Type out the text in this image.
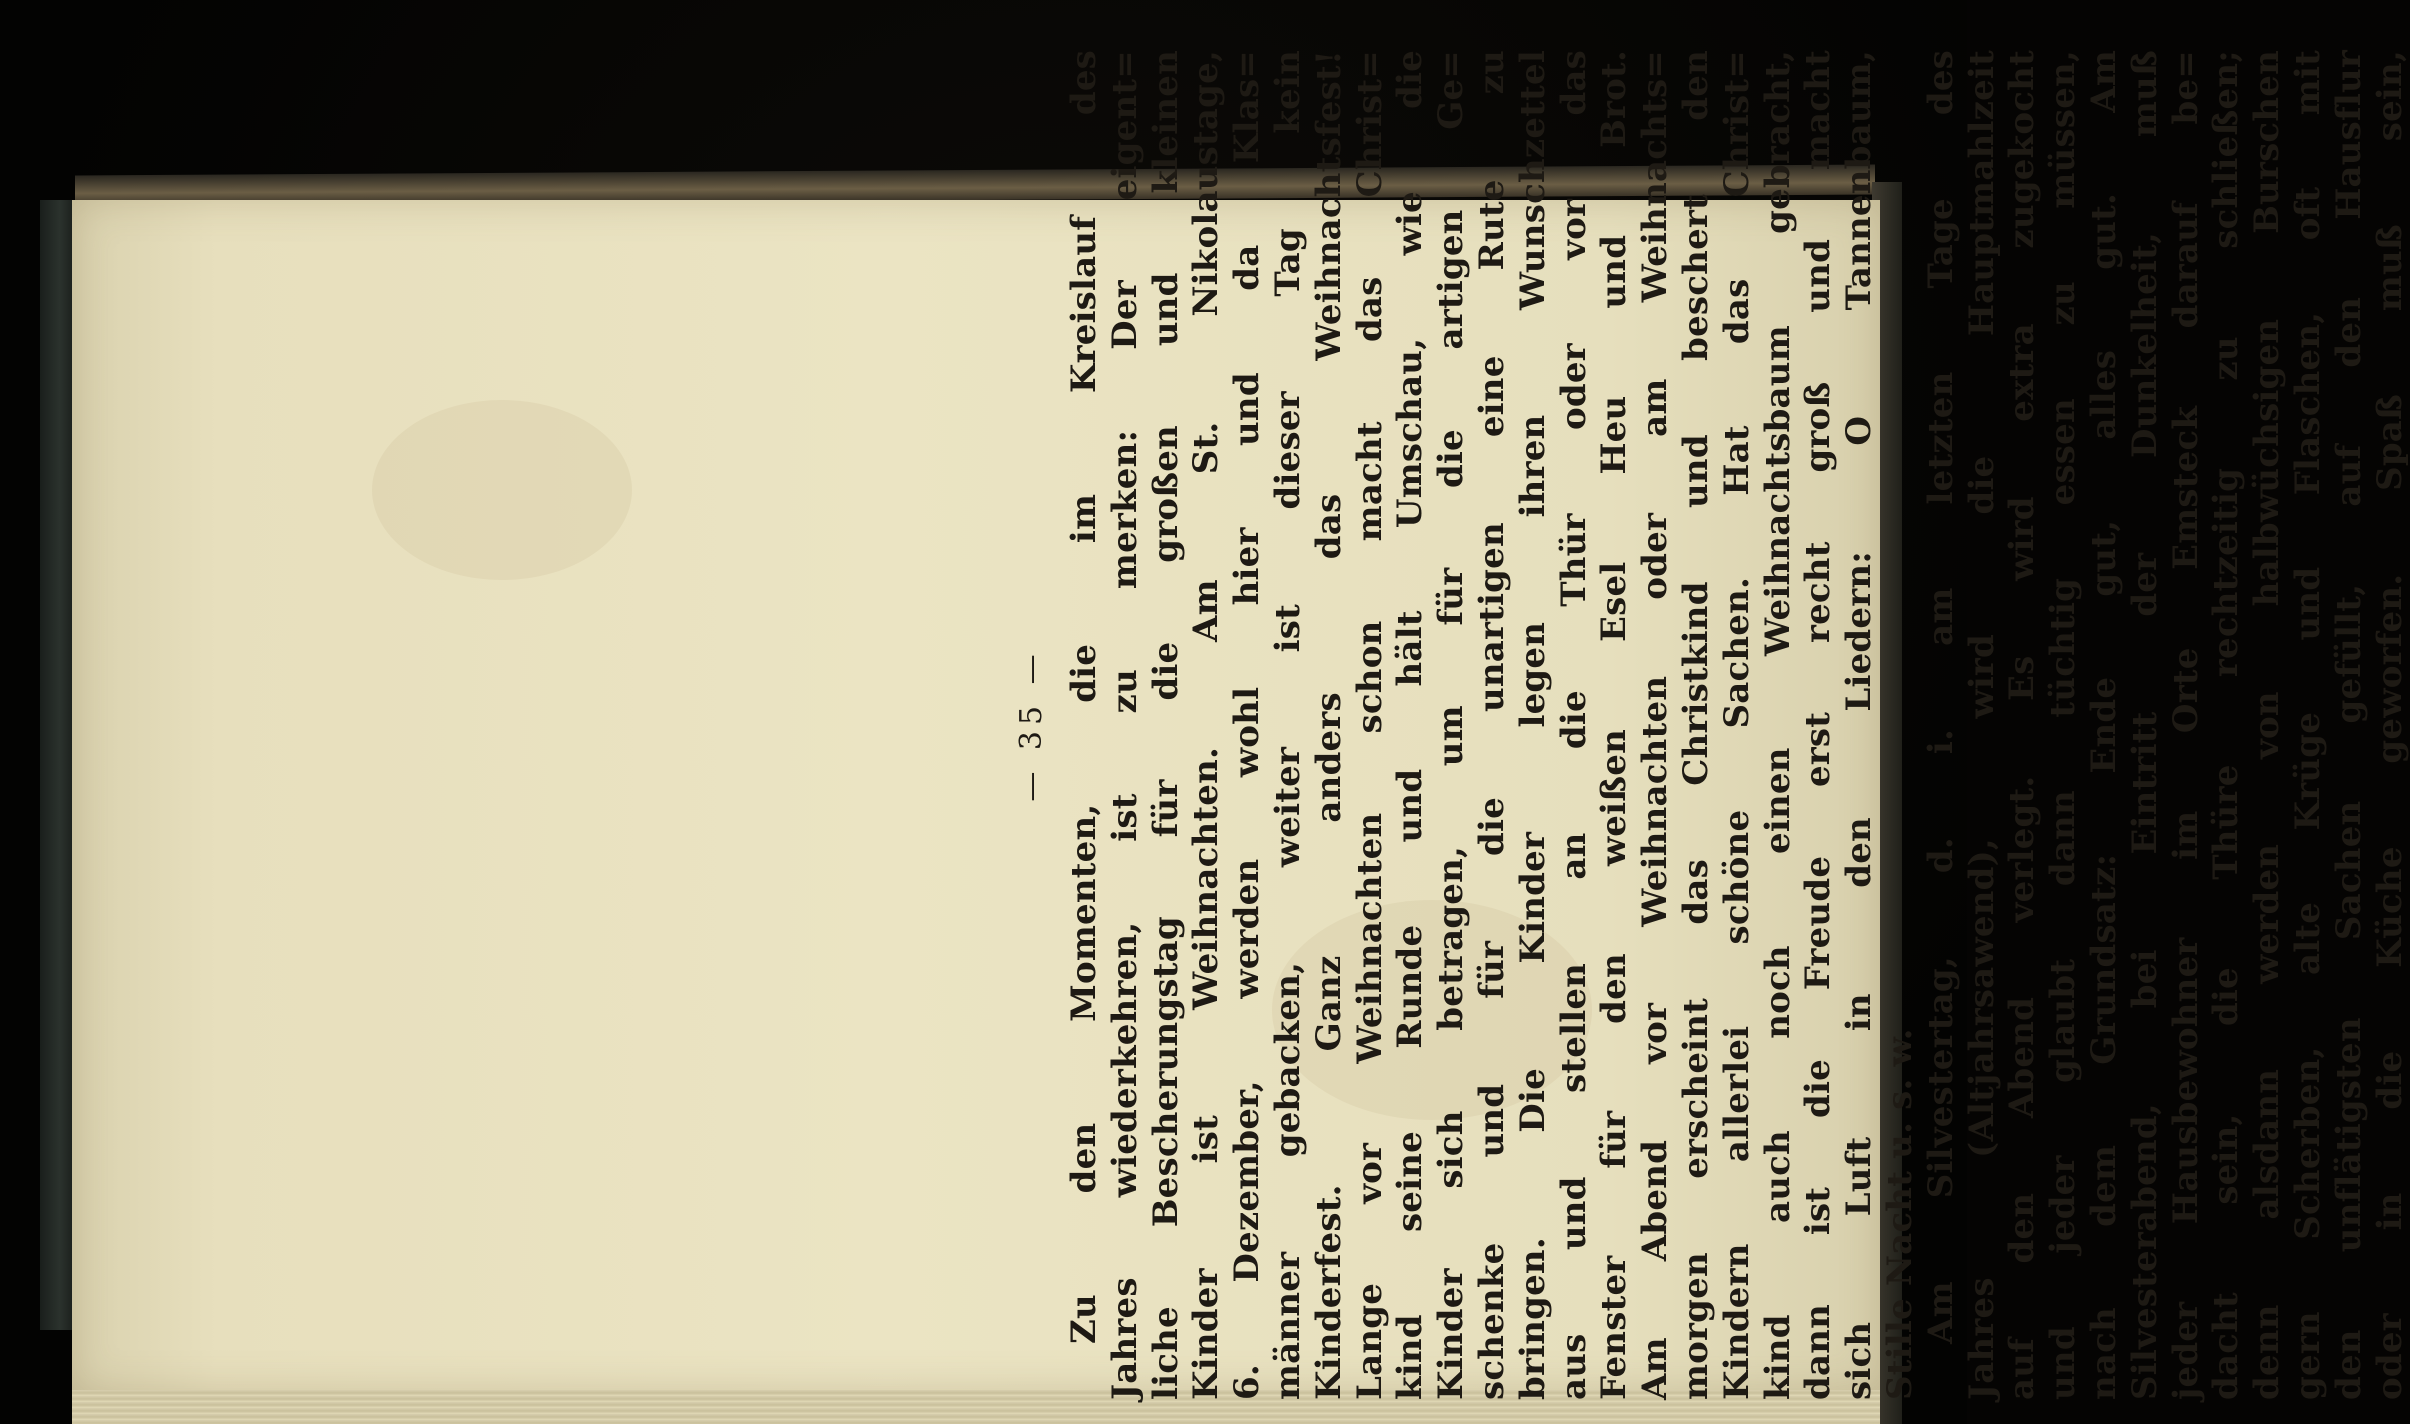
— 35 — Zu den Momenten, die im Kreislauf des Jahres wiederkehren, ist zu merken: Der eigent= liche Bescherungstag für die großen und kleinen Kinder ist Weihnachten. Am St. Nikolaustage, 6. Dezember, werden wohl hier und da Klas= männer gebacken, weiter ist dieser Tag kein Kinderfest. Ganz anders das Weihnachtsfest! Lange vor Weihnachten schon macht das Christ= kind seine Runde und hält Umschau, wie die Kinder sich betragen, um für die artigen Ge= schenke und für die unartigen eine Rute zu bringen. Die Kinder legen ihren Wunschzettel aus und stellen an die Thür oder vor das Fenster für den weißen Esel Heu und Brot. Am Abend vor Weihnachten oder am Weihnachts= morgen erscheint das Christkind und beschert den Kindern allerlei schöne Sachen. Hat das Christ= kind auch noch einen Weihnachtsbaum gebracht, dann ist die Freude erst recht groß und macht sich Luft in den Liedern: O Tannenbaum, Stille Nacht u. s. w. Am Silvestertag, d. i. am letzten Tage des Jahres (Altjahrsawend), wird die Hauptmahlzeit auf den Abend verlegt. Es wird extra zugekocht und jeder glaubt dann tüchtig essen zu müssen, nach dem Grundsatz: Ende gut, alles gut. Am Silvesterabend, bei Eintritt der Dunkelheit, muß jeder Hausbewohner im Orte Emsteck darauf be= dacht sein, die Thüre rechtzeitig zu schließen; denn alsdann werden von halbwüchsigen Burschen gern Scherben, alte Krüge und Flaschen, oft mit den unflätigsten Sachen gefüllt, auf den Hausflur oder in die Küche geworfen. Spaß muß sein,
